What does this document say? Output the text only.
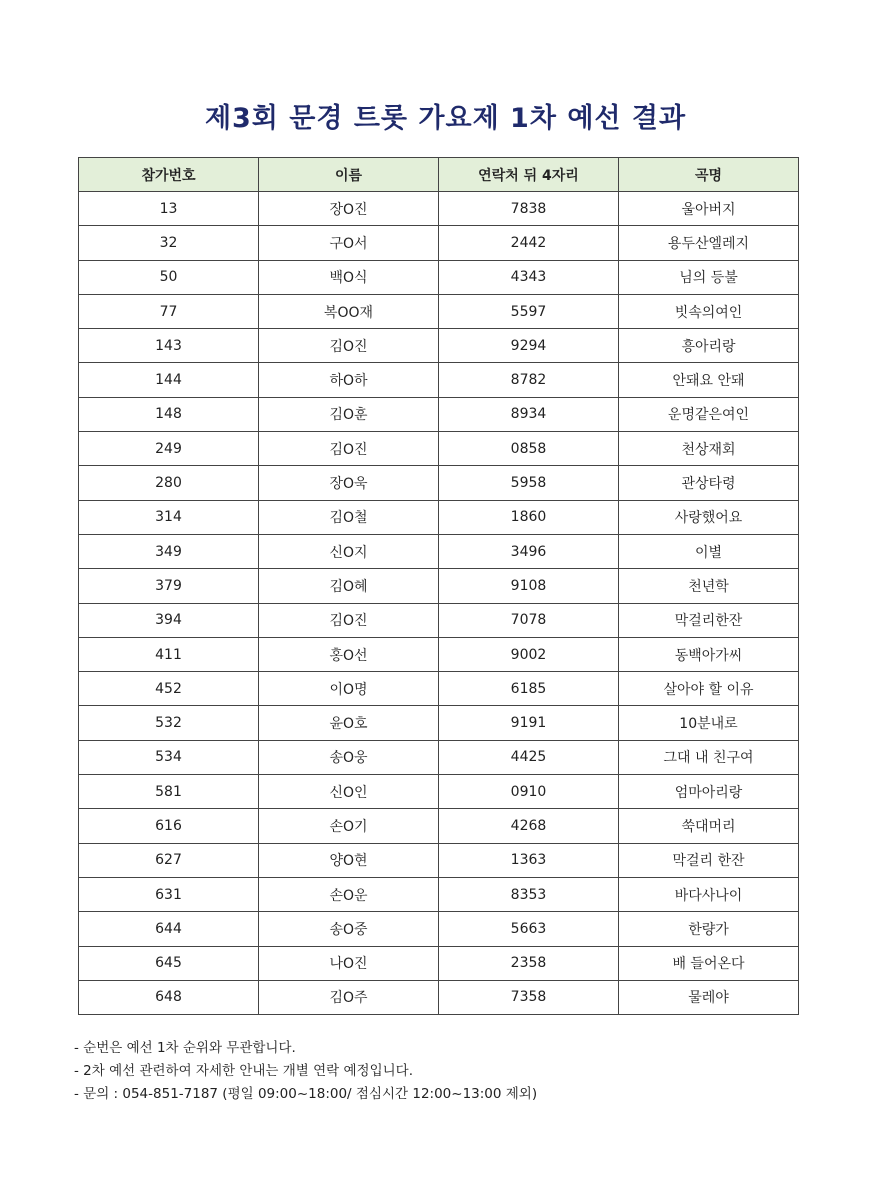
제3회 문경 트롯 가요제 1차 예선 결과
참가번호	이름	연락처 뒤 4자리	곡명
13	장O진	7838	울아버지
32	구O서	2442	용두산엘레지
50	백O식	4343	님의 등불
77	복OO재	5597	빗속의여인
143	김O진	9294	흥아리랑
144	하O하	8782	안돼요 안돼
148	김O훈	8934	운명같은여인
249	김O진	0858	천상재회
280	장O욱	5958	관상타령
314	김O철	1860	사랑했어요
349	신O지	3496	이별
379	김O혜	9108	천년학
394	김O진	7078	막걸리한잔
411	홍O선	9002	동백아가씨
452	이O명	6185	살아야 할 이유
532	윤O호	9191	10분내로
534	송O웅	4425	그대 내 친구여
581	신O인	0910	엄마아리랑
616	손O기	4268	쑥대머리
627	양O현	1363	막걸리 한잔
631	손O운	8353	바다사나이
644	송O중	5663	한량가
645	나O진	2358	배 들어온다
648	김O주	7358	물레야
- 순번은 예선 1차 순위와 무관합니다.
- 2차 예선 관련하여 자세한 안내는 개별 연락 예정입니다.
- 문의 : 054-851-7187 (평일 09:00~18:00/ 점심시간 12:00~13:00 제외)
